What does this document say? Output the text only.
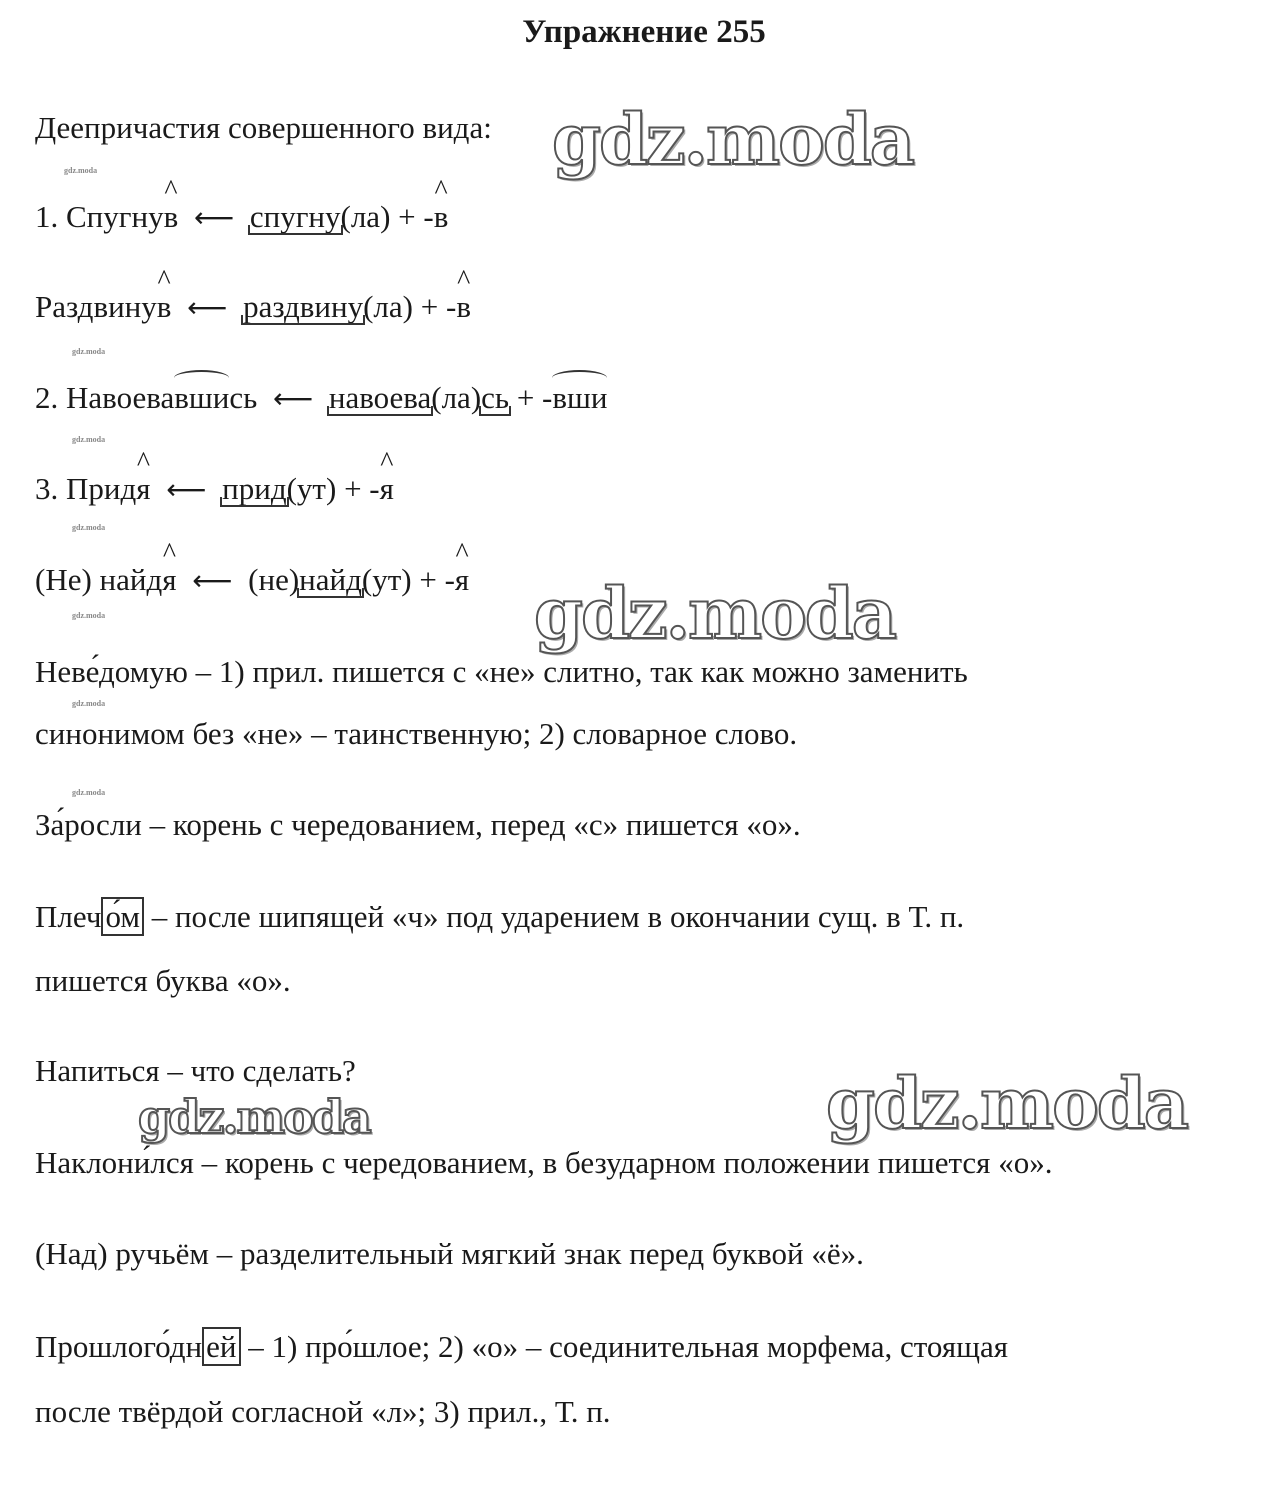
Упражнение 255
Деепричастия совершенного вида: gdz.moda
gdz.moda
1. Спугну^ в ⟵ спугну(ла) + -^ в
Раздвину^ в ⟵ раздвину(ла) + -^ в
gdz.moda
2. Навоевавшись ⟵ навоева(ла)сь + -вши
gdz.moda
3. Прид^ я ⟵ прид(ут) + -^ я
gdz.moda
(Не) найд^ я ⟵ (не)найд(ут) + -^ я gdz.moda
gdz.moda
Неве́домую – 1) прил. пишется с «не» слитно, так как можно заменить
gdz.moda
синонимом без «не» – таинственную; 2) словарное слово.
gdz.moda
За́росли – корень с чередованием, перед «с» пишется «о».
Плеч о́м – после шипящей «ч» под ударением в окончании сущ. в Т. п.
пишется буква «о».
Напиться – что сделать?
gdz.moda	gdz.moda
Наклони́лся – корень с чередованием, в безударном положении пишется «о».
(Над) ручьём – разделительный мягкий знак перед буквой «ё».
Прошлого́дн ей – 1) про́шлое; 2) «о» – соединительная морфема, стоящая
после твёрдой согласной «л»; 3) прил., Т. п.
